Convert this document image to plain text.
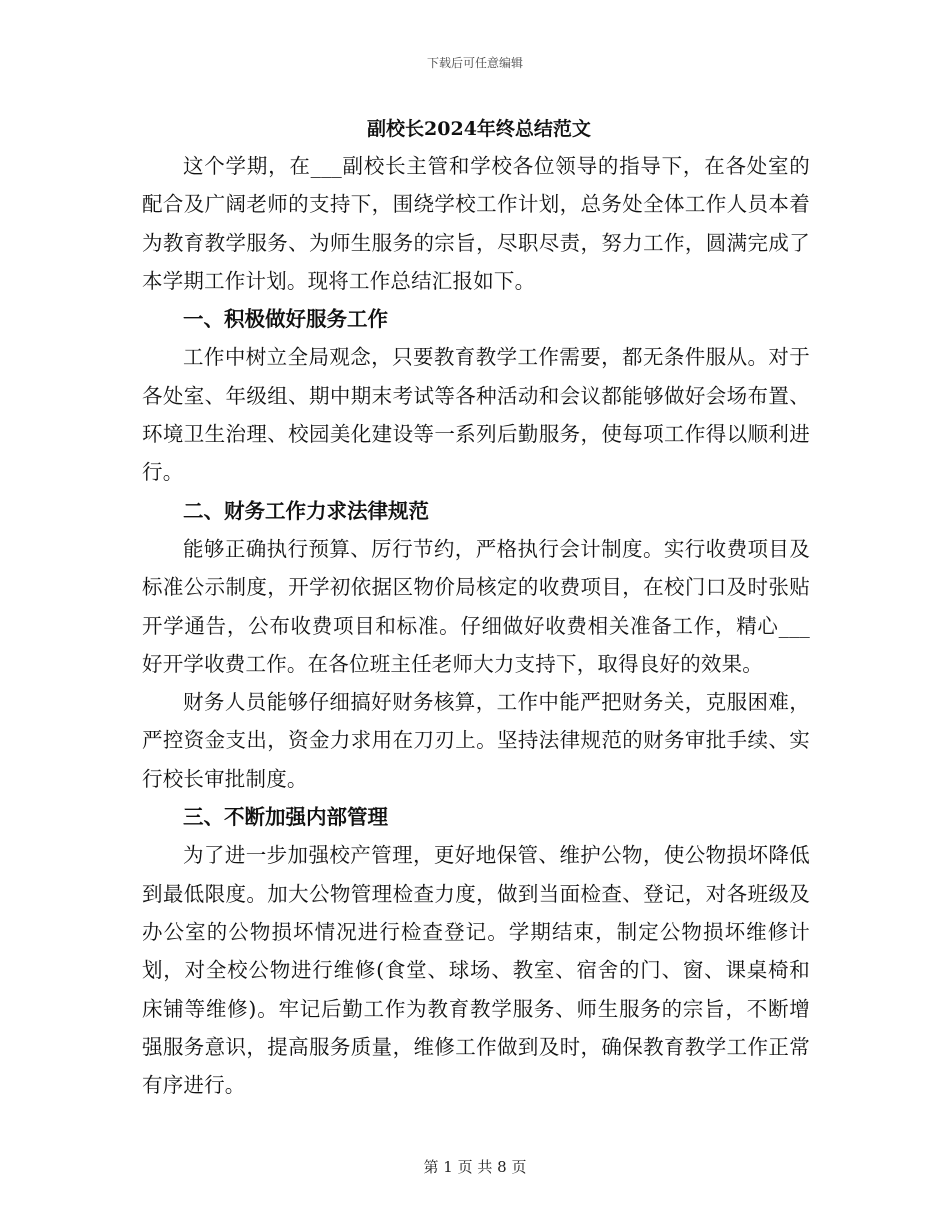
下载后可任意编辑
副校长2024年终总结范文

这个学期，在___副校长主管和学校各位领导的指导下，在各处室的配合及广阔老师的支持下，围绕学校工作计划，总务处全体工作人员本着为教育教学服务、为师生服务的宗旨，尽职尽责，努力工作，圆满完成了本学期工作计划。现将工作总结汇报如下。

一、积极做好服务工作

工作中树立全局观念，只要教育教学工作需要，都无条件服从。对于各处室、年级组、期中期末考试等各种活动和会议都能够做好会场布置、环境卫生治理、校园美化建设等一系列后勤服务，使每项工作得以顺利进行。

二、财务工作力求法律规范

能够正确执行预算、厉行节约，严格执行会计制度。实行收费项目及标准公示制度，开学初依据区物价局核定的收费项目，在校门口及时张贴开学通告，公布收费项目和标准。仔细做好收费相关准备工作，精心___好开学收费工作。在各位班主任老师大力支持下，取得良好的效果。

财务人员能够仔细搞好财务核算，工作中能严把财务关，克服困难，严控资金支出，资金力求用在刀刃上。坚持法律规范的财务审批手续、实行校长审批制度。

三、不断加强内部管理

为了进一步加强校产管理，更好地保管、维护公物，使公物损坏降低到最低限度。加大公物管理检查力度，做到当面检查、登记，对各班级及办公室的公物损坏情况进行检查登记。学期结束，制定公物损坏维修计划，对全校公物进行维修(食堂、球场、教室、宿舍的门、窗、课桌椅和床铺等维修)。牢记后勤工作为教育教学服务、师生服务的宗旨，不断增强服务意识，提高服务质量，维修工作做到及时，确保教育教学工作正常有序进行。

第 1 页 共 8 页
